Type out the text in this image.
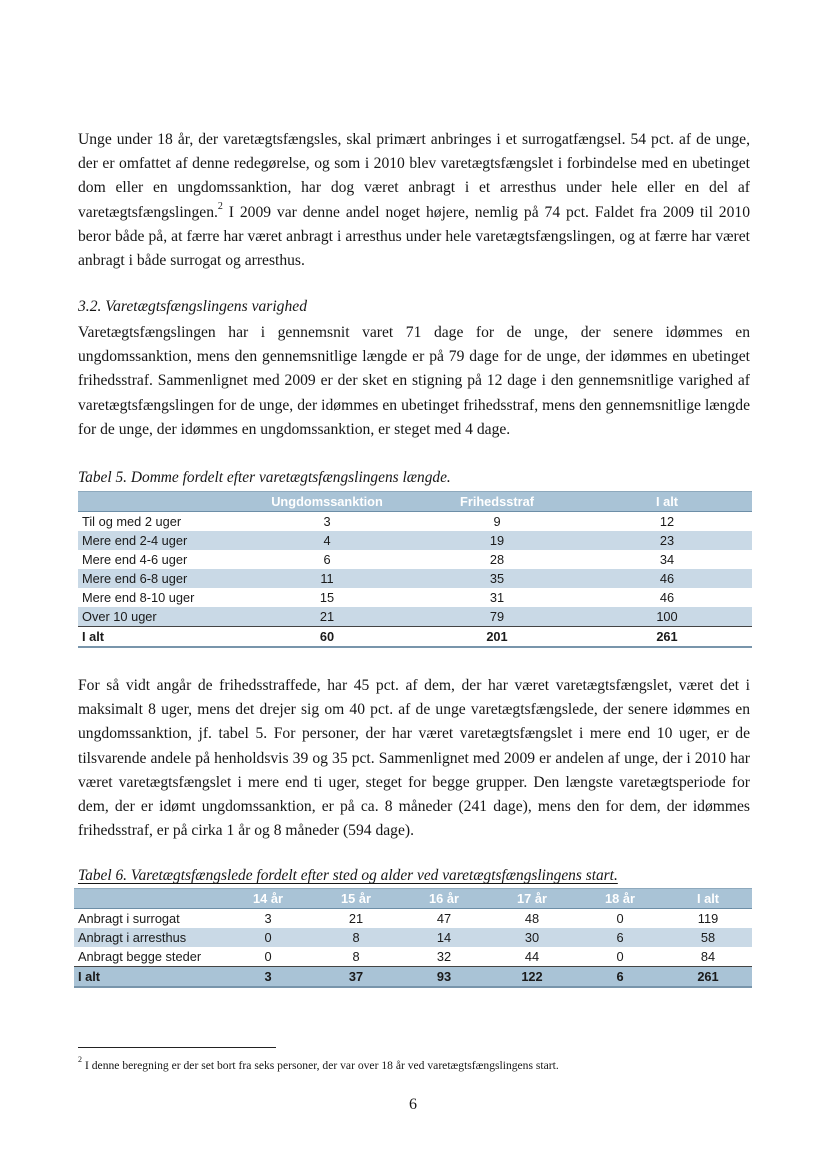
Unge under 18 år, der varetægtsfængsles, skal primært anbringes i et surrogatfængsel. 54 pct. af de unge, der er omfattet af denne redegørelse, og som i 2010 blev varetægtsfængslet i forbindelse med en ubetinget dom eller en ungdomssanktion, har dog været anbragt i et arresthus under hele eller en del af varetægtsfængslingen.$^2$ I 2009 var denne andel noget højere, nemlig på 74 pct. Faldet fra 2009 til 2010 beror både på, at færre har været anbragt i arresthus under hele varetægtsfængslingen, og at færre har været anbragt i både surrogat og arresthus.
3.2. Varetægtsfængslingens varighed
Varetægtsfængslingen har i gennemsnit varet 71 dage for de unge, der senere idømmes en ungdomssanktion, mens den gennemsnitlige længde er på 79 dage for de unge, der idømmes en ubetinget frihedsstraf. Sammenlignet med 2009 er der sket en stigning på 12 dage i den gennemsnitlige varighed af varetægtsfængslingen for de unge, der idømmes en ubetinget frihedsstraf, mens den gennemsnitlige længde for de unge, der idømmes en ungdomssanktion, er steget med 4 dage.
Tabel 5. Domme fordelt efter varetægtsfængslingens længde.
	Ungdomssanktion	Frihedsstraf	I alt
Til og med 2 uger	3	9	12
Mere end 2-4 uger	4	19	23
Mere end 4-6 uger	6	28	34
Mere end 6-8 uger	11	35	46
Mere end 8-10 uger	15	31	46
Over 10 uger	21	79	100
I alt	60	201	261
For så vidt angår de frihedsstraffede, har 45 pct. af dem, der har været varetægtsfængslet, været det i maksimalt 8 uger, mens det drejer sig om 40 pct. af de unge varetægtsfængslede, der senere idømmes en ungdomssanktion, jf. tabel 5. For personer, der har været varetægtsfængslet i mere end 10 uger, er de tilsvarende andele på henholdsvis 39 og 35 pct. Sammenlignet med 2009 er andelen af unge, der i 2010 har været varetægtsfængslet i mere end ti uger, steget for begge grupper. Den længste varetægtsperiode for dem, der er idømt ungdomssanktion, er på ca. 8 måneder (241 dage), mens den for dem, der idømmes frihedsstraf, er på cirka 1 år og 8 måneder (594 dage).
Tabel 6. Varetægtsfængslede fordelt efter sted og alder ved varetægtsfængslingens start.
	14 år	15 år	16 år	17 år	18 år	I alt
Anbragt i surrogat	3	21	47	48	0	119
Anbragt i arresthus	0	8	14	30	6	58
Anbragt begge steder	0	8	32	44	0	84
I alt	3	37	93	122	6	261
$^2$ I denne beregning er der set bort fra seks personer, der var over 18 år ved varetægtsfængslingens start.
6
